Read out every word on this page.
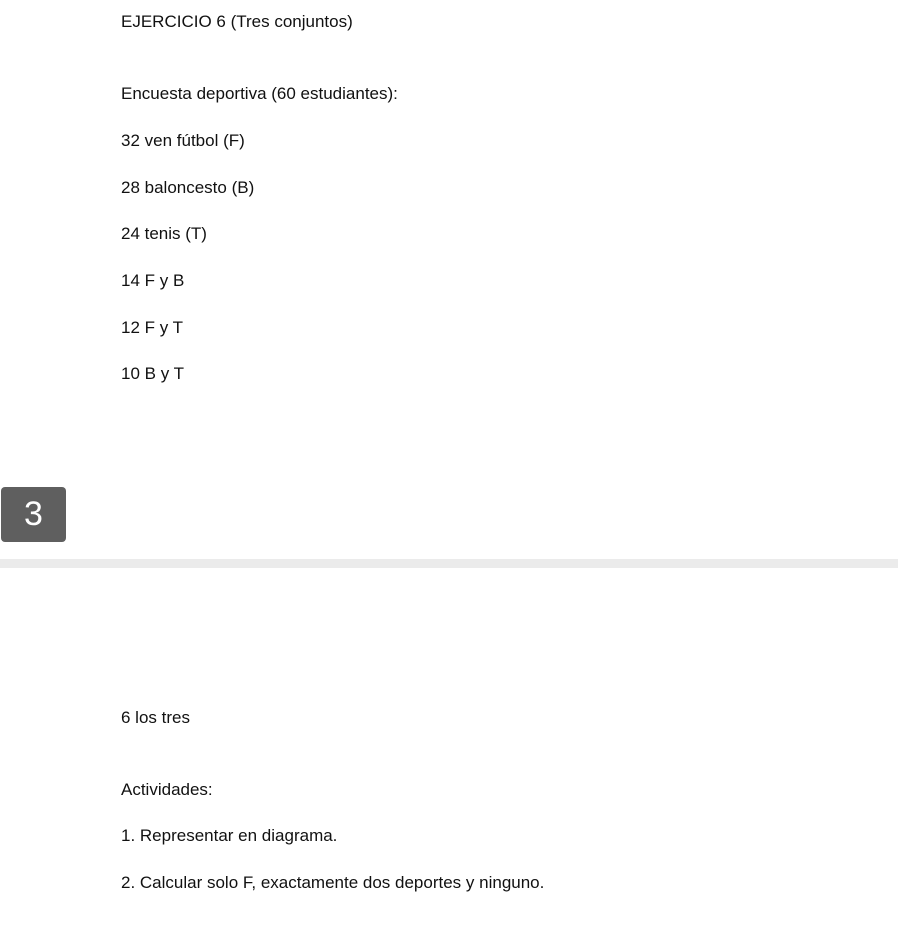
EJERCICIO 6 (Tres conjuntos)
Encuesta deportiva (60 estudiantes):
32 ven fútbol (F)
28 baloncesto (B)
24 tenis (T)
14 F y B
12 F y T
10 B y T
3
6 los tres
Actividades:
1. Representar en diagrama.
2. Calcular solo F, exactamente dos deportes y ninguno.
